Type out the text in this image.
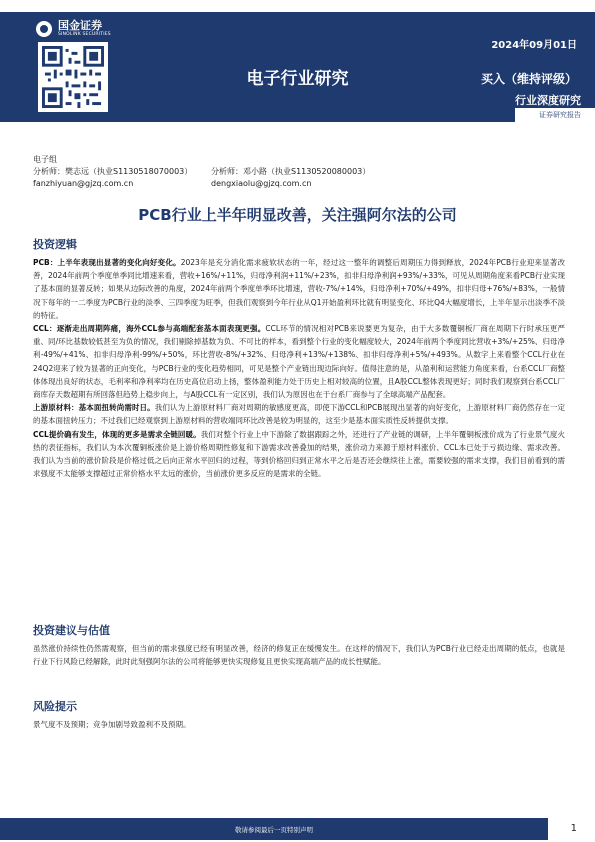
国金证券
SINOLINK SECURITIES
2024年09月01日
电子行业研究	买入（维持评级）
行业深度研究
证券研究报告
电子组
分析师：樊志远（执业S1130518070003）	分析师：邓小路（执业S1130520080003）
fanzhiyuan@gjzq.com.cn	dengxiaolu@gjzq.com.cn
PCB行业上半年明显改善，关注强阿尔法的公司
投资逻辑

PCB：上半年表现出显著的变化向好变化。2023年是充分消化需求疲软状态的一年，经过这一整年的调整后周期压力得到释放，2024年PCB行业迎来显著改善，2024年前两个季度单季同比增速来看，营收+16%/+11%，归母净利润+11%/+23%，扣非归母净利润+93%/+33%，可见从周期角度来看PCB行业实现了基本面的显著反转；如果从边际改善的角度，2024年前两个季度单季环比增速，营收-7%/+14%，归母净利+70%/+49%，扣非归母+76%/+83%，一般情况下每年的一二季度为PCB行业的淡季、三四季度为旺季，但我们观察到今年行业从Q1开始盈利环比就有明显变化、环比Q4大幅度增长，上半年显示出淡季不淡的特征。

CCL：逐渐走出周期阵痛，海外CCL参与高端配套基本面表现更强。CCL环节的情况相对PCB来说要更为复杂，由于大多数覆铜板厂商在周期下行时承压更严重、同/环比基数较低甚至为负的情况，我们剔除掉基数为负、不可比的样本，看到整个行业的变化幅度较大，2024年前两个季度同比营收+3%/+25%、归母净利-49%/+41%、扣非归母净利-99%/+50%，环比营收-8%/+32%、归母净利+13%/+138%、扣非归母净利+5%/+493%。从数字上来看整个CCL行业在24Q2迎来了较为显著的正向变化，与PCB行业的变化趋势相同，可见是整个产业链出现边际向好。值得注意的是，从盈利和运营能力角度来看，台系CCL厂商整体体现出良好的状态，毛利率和净利率均在历史高位启动上扬，整体盈利能力处于历史上相对较高的位置，且A股CCL整体表现更好；同时我们观察到台系CCL厂商库存天数超期有所回落但趋势上稳步向上，与A股CCL有一定区别，我们认为原因也在于台系厂商参与了全球高端产品配套。

上游原材料：基本面扭转尚需时日。我们认为上游原材料厂商对周期的敏感度更高，即使下游CCL和PCB展现出显著的向好变化，上游原材料厂商仍然存在一定的基本面扭转压力；不过我们已经观察到上游原材料的营收端同环比改善是较为明显的，这至少是基本面实质性反转提供支撑。

CCL提价确有发生，体现的更多是需求全链回暖。我们对整个行业上中下游除了数据跟踪之外，还进行了产业链的调研，上半年覆铜板涨价成为了行业景气度火热的表征指标，我们认为本次覆铜板涨价是上游价格周期性修复和下游需求改善叠加的结果，涨价动力来源于原材料涨价、CCL本已处于亏损边缘、需求改善。我们认为当前的涨价阶段是价格过低之后向正常水平回归的过程，等到价格回归到正常水平之后是否还会继续往上涨，需要较强的需求支撑，我们目前看到的需求强度不太能够支撑超过正常价格水平太远的涨价，当前涨价更多反应的是需求的全链。

投资建议与估值

虽然涨价持续性仍然需观察，但当前的需求强度已经有明显改善，经济的修复正在缓慢发生。在这样的情况下，我们认为PCB行业已经走出周期的低点，也就是行业下行风险已经解除，此时此刻强阿尔法的公司将能够更快实现修复且更快实现高端产品的成长性赋能。

风险提示

景气度不及预期；竞争加剧导致盈利不及预期。

敬请参阅最后一页特别声明	1
